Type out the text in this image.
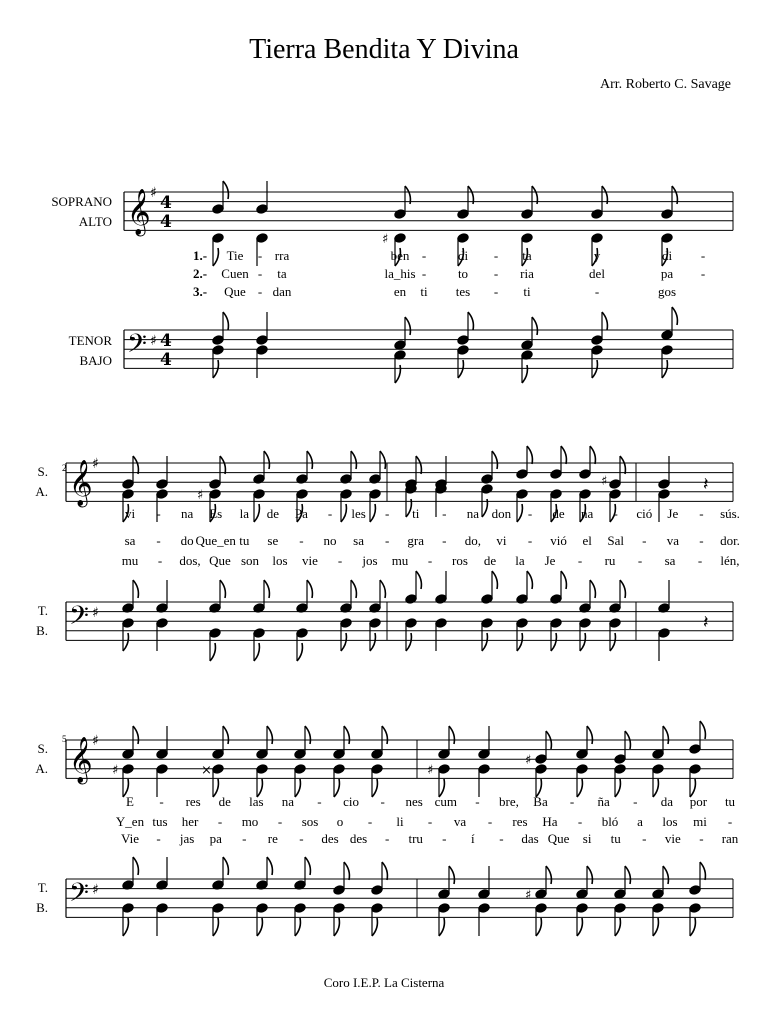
Tierra Bendita Y Divina
Arr. Roberto C. Savage
SOPRANO
ALTO
TENOR
BAJO
S.
A.
T.
B.
S.
A.
T.
B.
2
5
𝄞
𝄢
♯
♯
4
4
4
4
𝄞
𝄢
♯
♯
𝄞
𝄢
♯
♯
♯
♯
♯
♯	×	♯
♯
♯
𝄽
𝄽
Tie - rra	ben - di - ta	y	di -
Cuen - ta	la_his - to - ria	del	pa -
Que - dan	en ti tes - ti	-	gos
vi - na Es la de Pa - les - ti - na don - de na - ció Je - sús.
sa - do Que_en tu se - no sa - gra - do, vi - vió el Sal - va - dor.
mu - dos, Que son los vie - jos mu - ros de la Je - ru - sa - lén,
E - res de las na - cio - nes cum - bre, Ba - ña - da por tu
Y_en tus her - mo - sos o - li - va - res Ha - bló a los mi -
Vie - jas pa - re - des des - tru - í - das Que si tu - vie - ran
1.-
2.-
3.-
Coro I.E.P. La Cisterna
